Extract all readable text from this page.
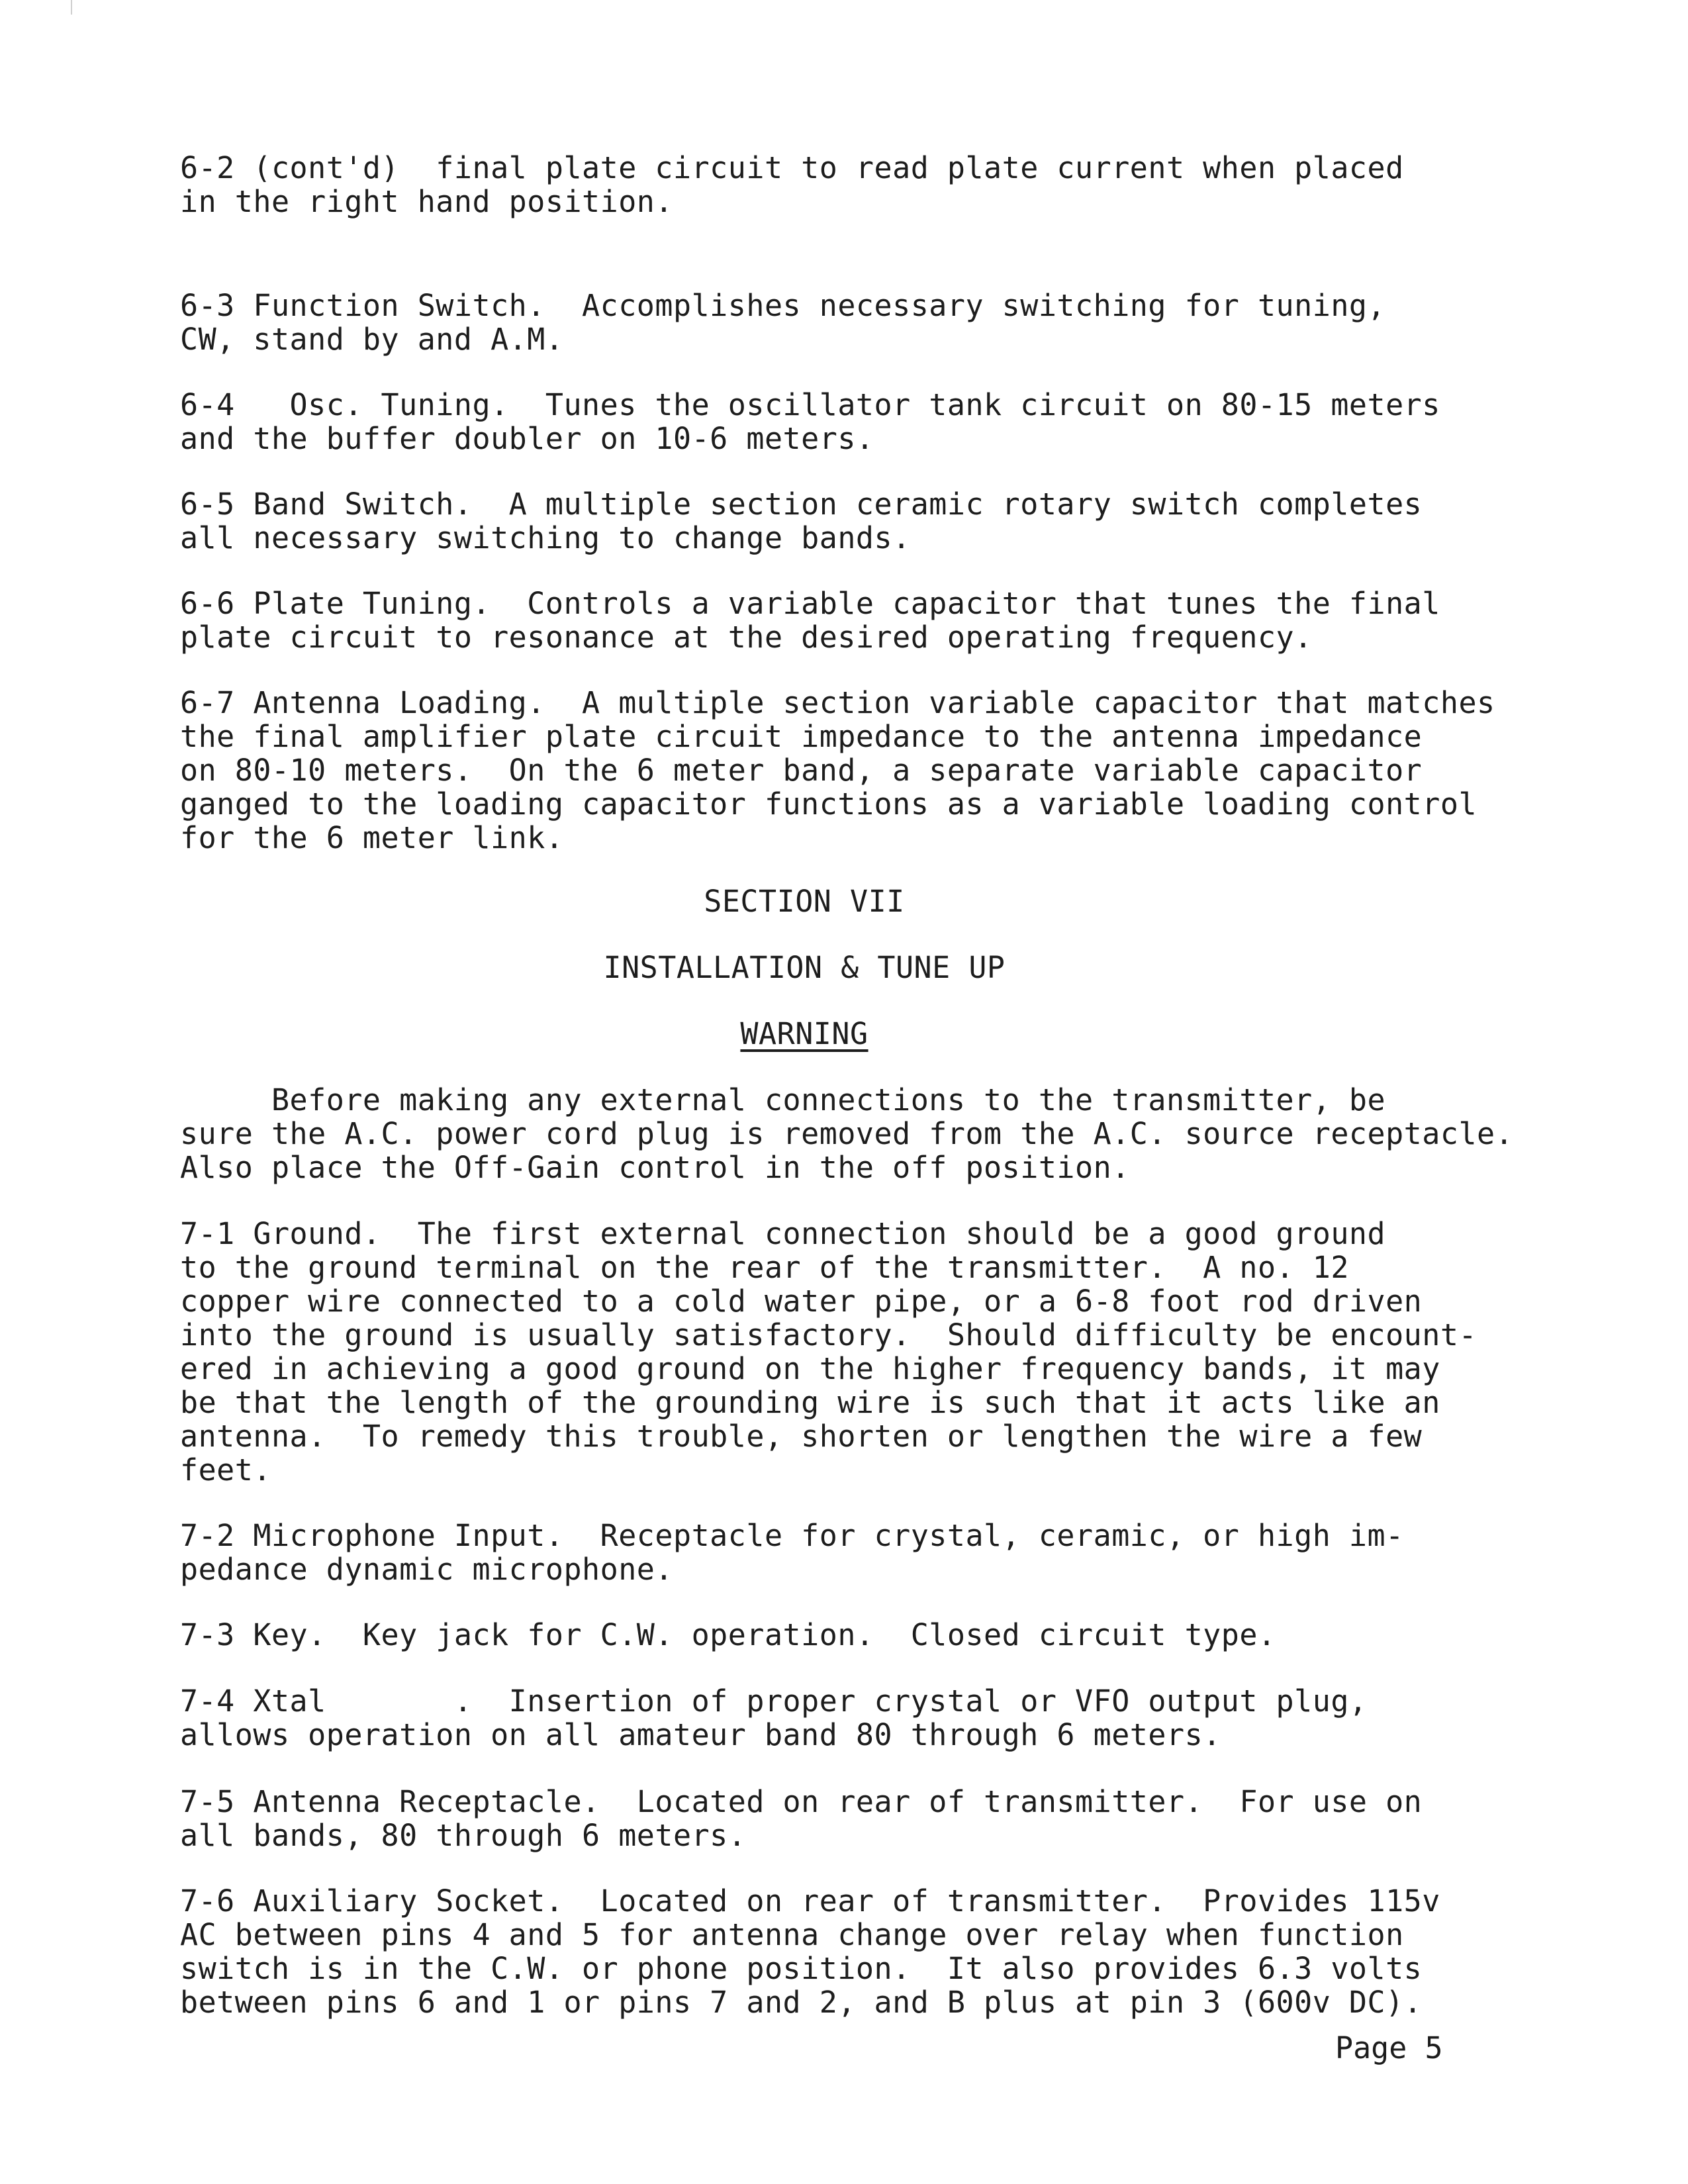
6-2 (cont'd)  final plate circuit to read plate current when placed
in the right hand position.

6-3 Function Switch.  Accomplishes necessary switching for tuning,
CW, stand by and A.M.

6-4   Osc. Tuning.  Tunes the oscillator tank circuit on 80-15 meters
and the buffer doubler on 10-6 meters.

6-5 Band Switch.  A multiple section ceramic rotary switch completes
all necessary switching to change bands.

6-6 Plate Tuning.  Controls a variable capacitor that tunes the final
plate circuit to resonance at the desired operating frequency.

6-7 Antenna Loading.  A multiple section variable capacitor that matches
the final amplifier plate circuit impedance to the antenna impedance
on 80-10 meters.  On the 6 meter band, a separate variable capacitor
ganged to the loading capacitor functions as a variable loading control
for the 6 meter link.

SECTION VII

INSTALLATION & TUNE UP

WARNING

Before making any external connections to the transmitter, be
sure the A.C. power cord plug is removed from the A.C. source receptacle.
Also place the Off-Gain control in the off position.

7-1 Ground.  The first external connection should be a good ground
to the ground terminal on the rear of the transmitter.  A no. 12
copper wire connected to a cold water pipe, or a 6-8 foot rod driven
into the ground is usually satisfactory.  Should difficulty be encount-
ered in achieving a good ground on the higher frequency bands, it may
be that the length of the grounding wire is such that it acts like an
antenna.  To remedy this trouble, shorten or lengthen the wire a few
feet.

7-2 Microphone Input.  Receptacle for crystal, ceramic, or high im-
pedance dynamic microphone.

7-3 Key.  Key jack for C.W. operation.  Closed circuit type.

7-4 Xtal       .  Insertion of proper crystal or VFO output plug,
allows operation on all amateur band 80 through 6 meters.

7-5 Antenna Receptacle.  Located on rear of transmitter.  For use on
all bands, 80 through 6 meters.

7-6 Auxiliary Socket.  Located on rear of transmitter.  Provides 115v
AC between pins 4 and 5 for antenna change over relay when function
switch is in the C.W. or phone position.  It also provides 6.3 volts
between pins 6 and 1 or pins 7 and 2, and B plus at pin 3 (600v DC).

Page 5
